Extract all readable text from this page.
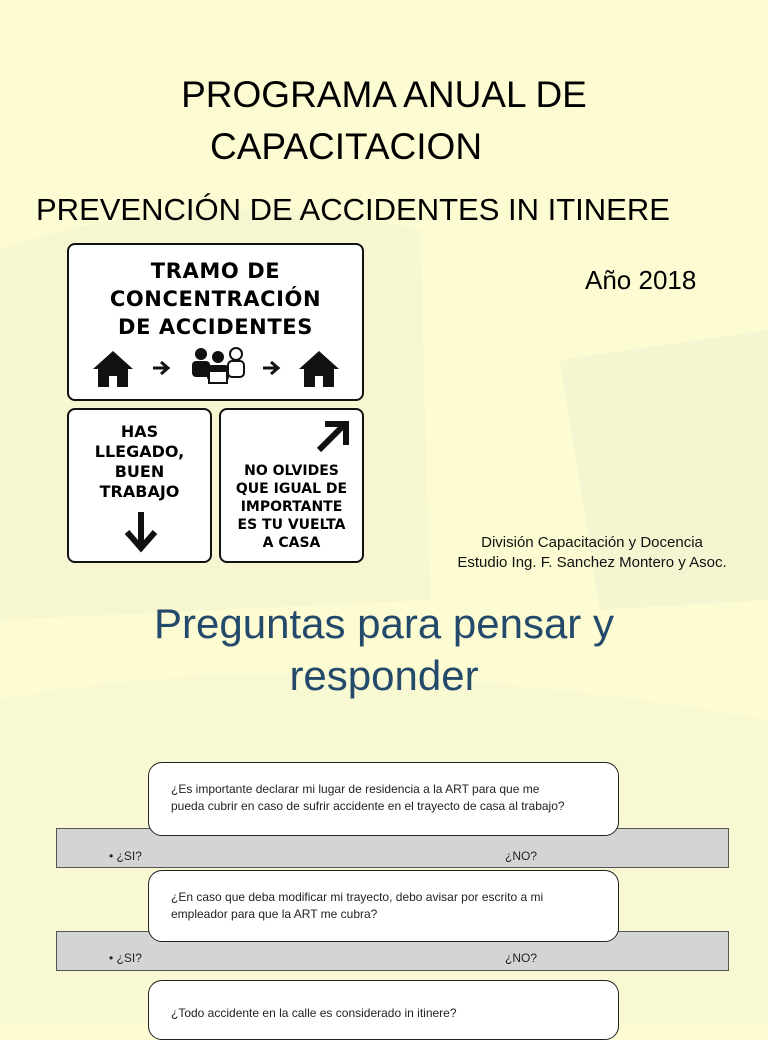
PROGRAMA ANUAL DE
CAPACITACION
PREVENCIÓN DE ACCIDENTES IN ITINERE
Año 2018
TRAMO DE
CONCENTRACIÓN
DE ACCIDENTES
HAS
LLEGADO,
BUEN
TRABAJO
NO OLVIDES
QUE IGUAL DE
IMPORTANTE
ES TU VUELTA
A CASA	División Capacitación y Docencia
Estudio Ing. F. Sanchez Montero y Asoc.
Preguntas para pensar y
responder
• ¿SI?	¿NO?
¿Es importante declarar mi lugar de residencia a la ART para que me
pueda cubrir en caso de sufrir accidente en el trayecto de casa al trabajo?
• ¿SI?	¿NO?
¿En caso que deba modificar mi trayecto, debo avisar por escrito a mi
empleador para que la ART me cubra?
¿Todo accidente en la calle es considerado in itinere?
